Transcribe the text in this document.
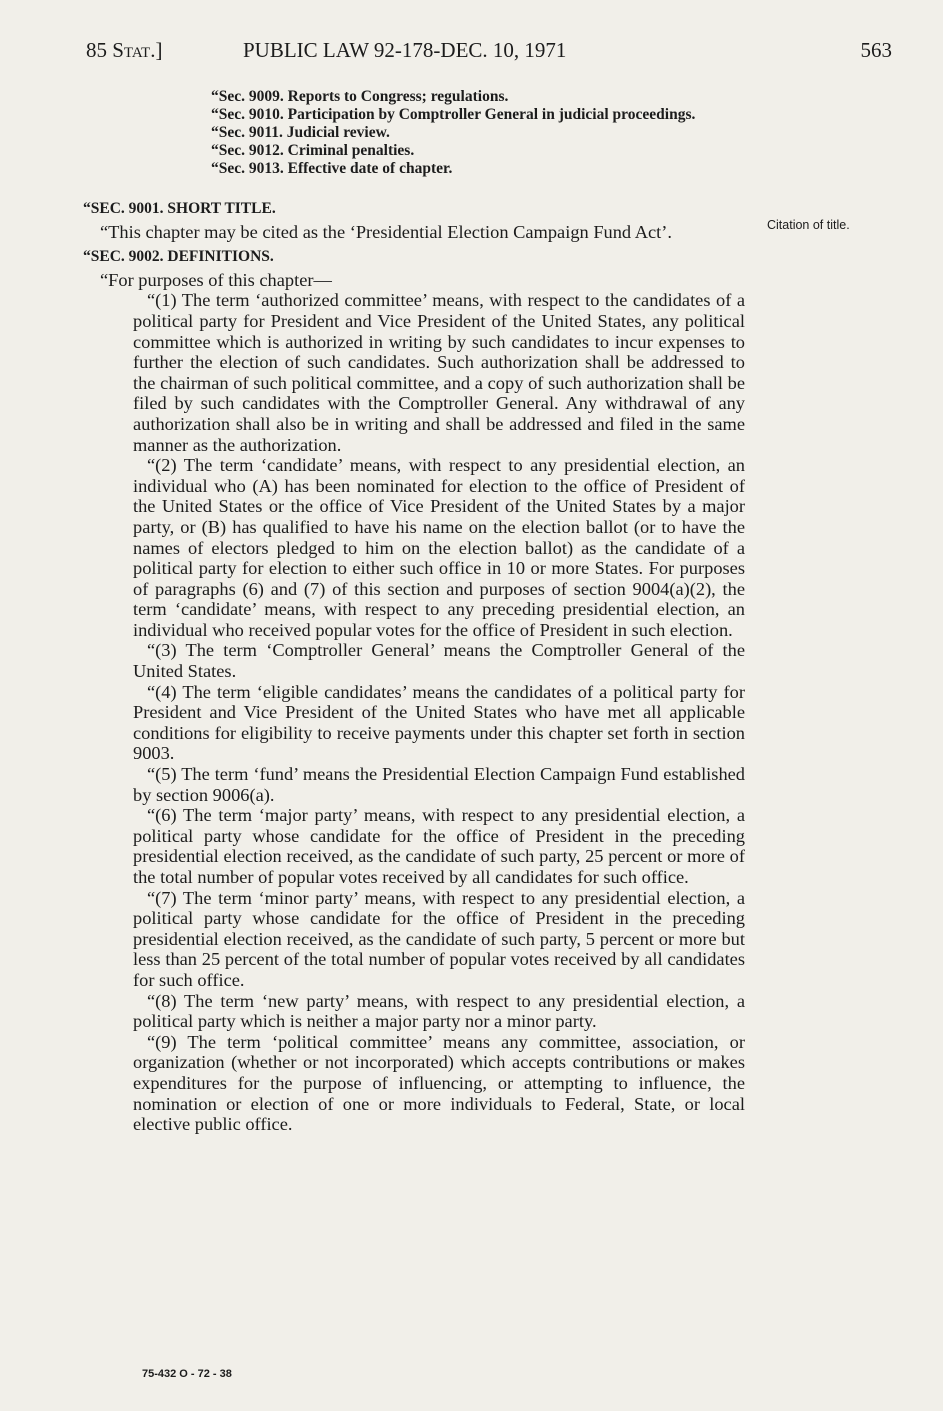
85 Stat.]	PUBLIC LAW 92-178-DEC. 10, 1971	563
“Sec. 9009. Reports to Congress; regulations.
“Sec. 9010. Participation by Comptroller General in judicial proceedings.
“Sec. 9011. Judicial review.
“Sec. 9012. Criminal penalties.
“Sec. 9013. Effective date of chapter.
Citation of title.
“SEC. 9001. SHORT TITLE.

“This chapter may be cited as the ‘Presidential Election Campaign Fund Act’.

“SEC. 9002. DEFINITIONS.

“For purposes of this chapter—

“(1) The term ‘authorized committee’ means, with respect to the candidates of a political party for President and Vice President of the United States, any political committee which is authorized in writing by such candidates to incur expenses to further the election of such candidates. Such authorization shall be addressed to the chairman of such political committee, and a copy of such authorization shall be filed by such candidates with the Comptroller General. Any withdrawal of any authorization shall also be in writing and shall be addressed and filed in the same manner as the authorization.

“(2) The term ‘candidate’ means, with respect to any presidential election, an individual who (A) has been nominated for election to the office of President of the United States or the office of Vice President of the United States by a major party, or (B) has qualified to have his name on the election ballot (or to have the names of electors pledged to him on the election ballot) as the candidate of a political party for election to either such office in 10 or more States. For purposes of paragraphs (6) and (7) of this section and purposes of section 9004(a)(2), the term ‘candidate’ means, with respect to any preceding presidential election, an individual who received popular votes for the office of President in such election.

“(3) The term ‘Comptroller General’ means the Comptroller General of the United States.

“(4) The term ‘eligible candidates’ means the candidates of a political party for President and Vice President of the United States who have met all applicable conditions for eligibility to receive payments under this chapter set forth in section 9003.

“(5) The term ‘fund’ means the Presidential Election Campaign Fund established by section 9006(a).

“(6) The term ‘major party’ means, with respect to any presidential election, a political party whose candidate for the office of President in the preceding presidential election received, as the candidate of such party, 25 percent or more of the total number of popular votes received by all candidates for such office.

“(7) The term ‘minor party’ means, with respect to any presidential election, a political party whose candidate for the office of President in the preceding presidential election received, as the candidate of such party, 5 percent or more but less than 25 percent of the total number of popular votes received by all candidates for such office.

“(8) The term ‘new party’ means, with respect to any presidential election, a political party which is neither a major party nor a minor party.

“(9) The term ‘political committee’ means any committee, association, or organization (whether or not incorporated) which accepts contributions or makes expenditures for the purpose of influencing, or attempting to influence, the nomination or election of one or more individuals to Federal, State, or local elective public office.

75-432 O - 72 - 38
